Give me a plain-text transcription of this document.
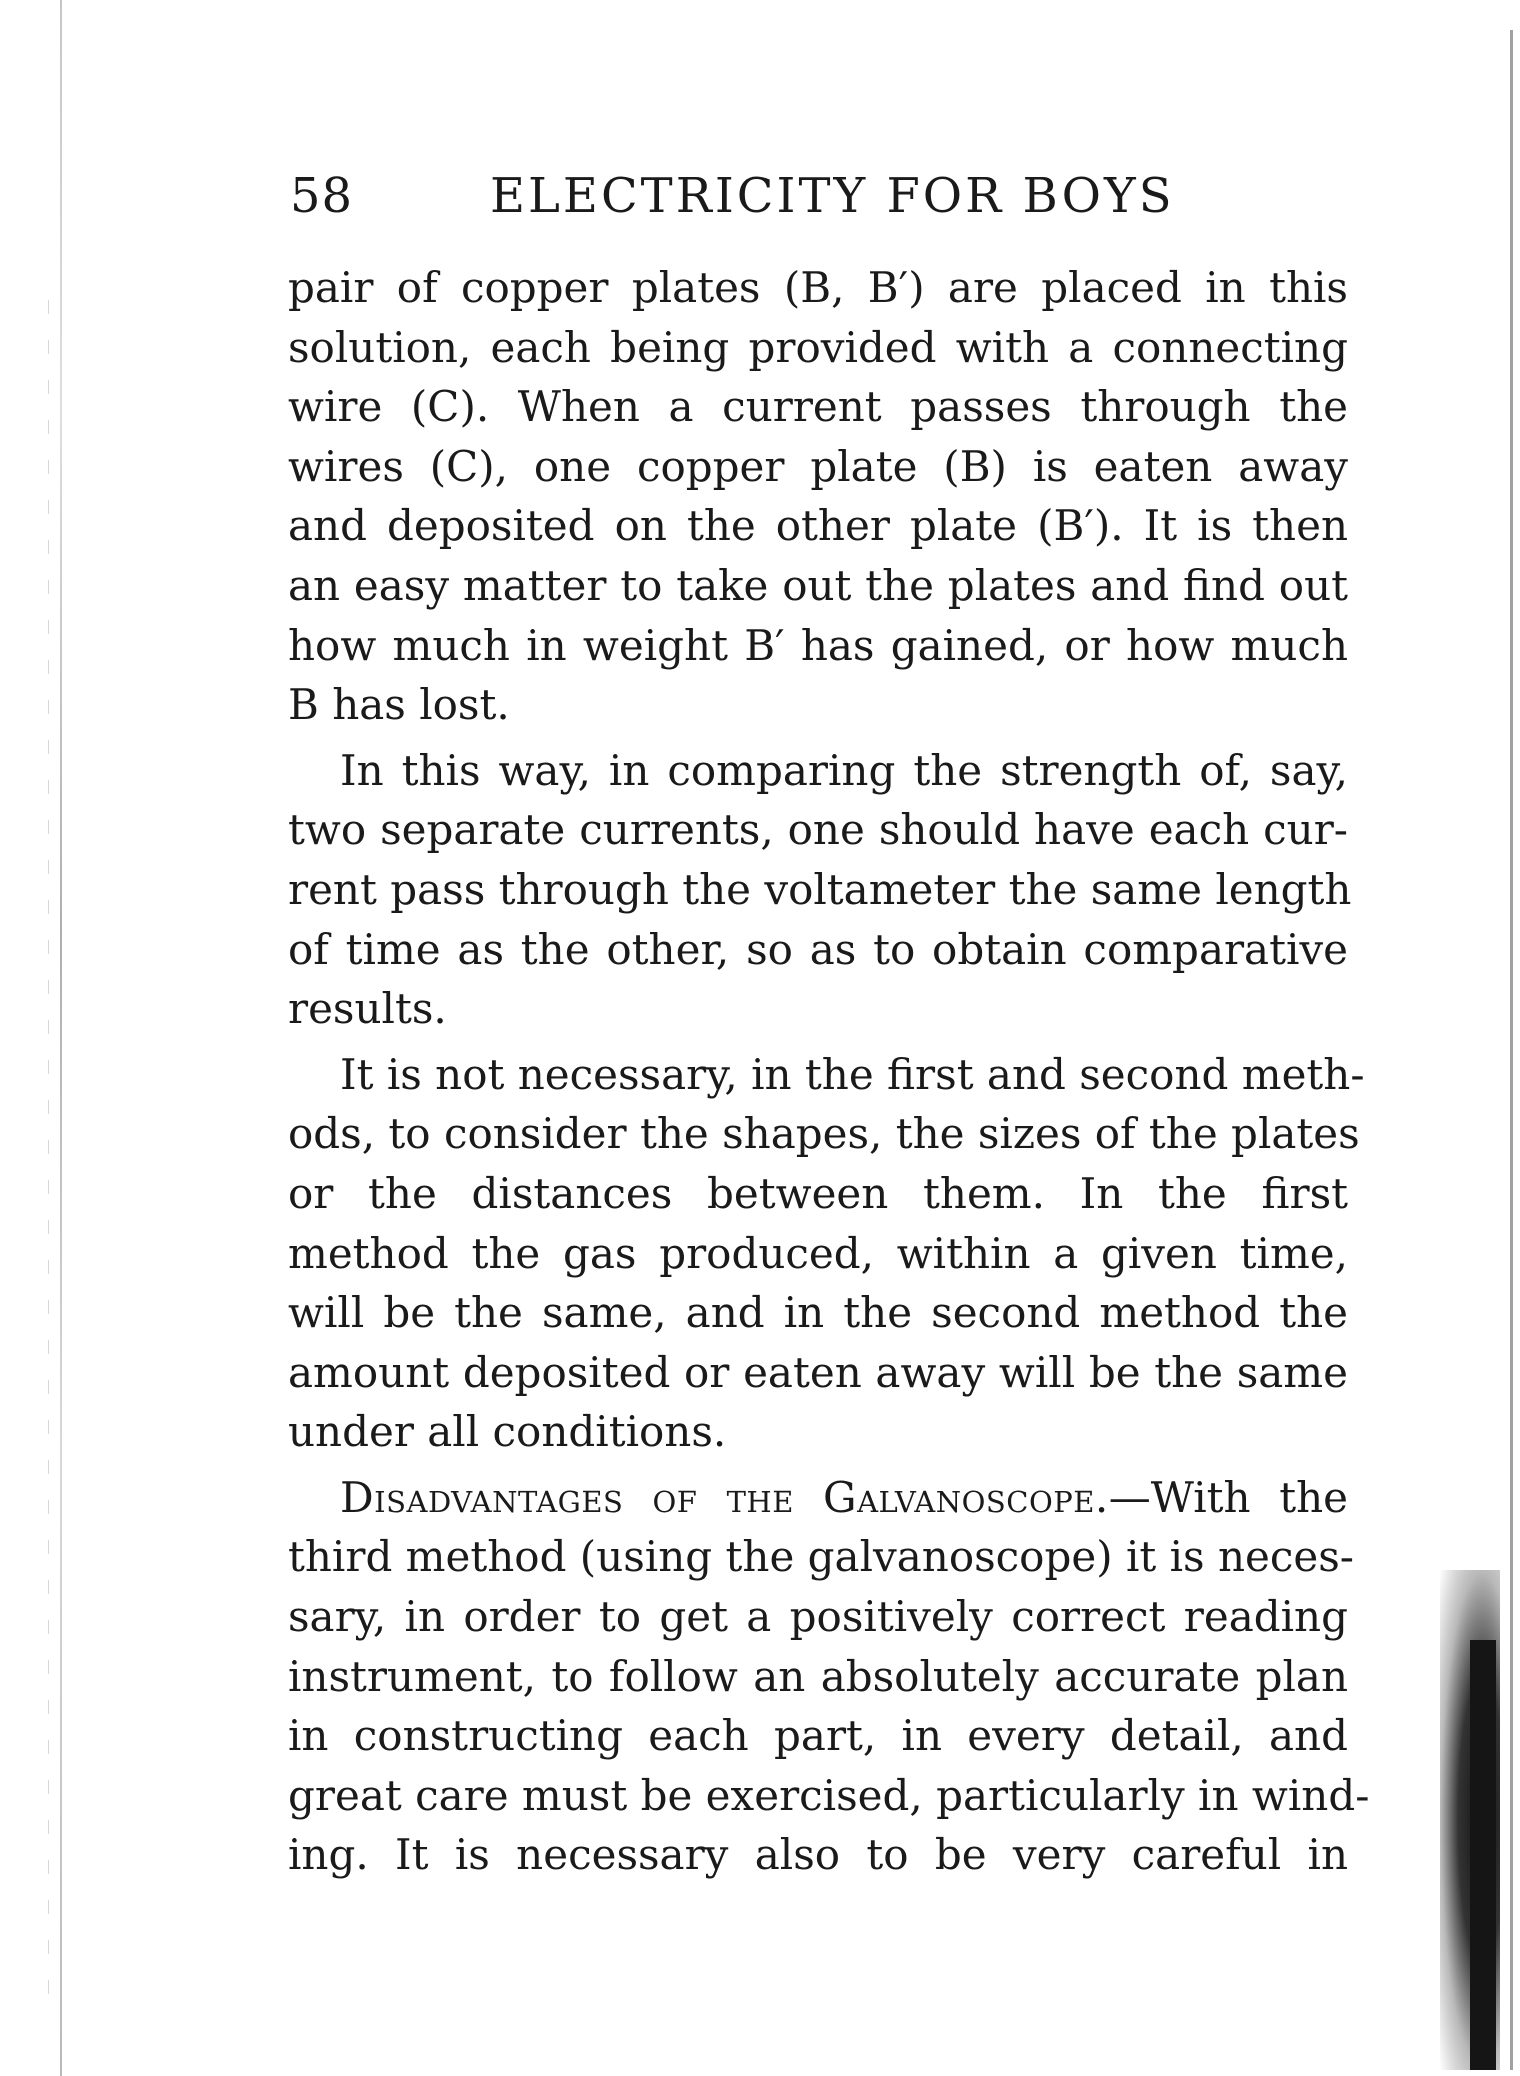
58	ELECTRICITY FOR BOYS
pair of copper plates (B, B′) are placed in this
solution, each being provided with a connecting
wire (C). When a current passes through the
wires (C), one copper plate (B) is eaten away
and deposited on the other plate (B′). It is then
an easy matter to take out the plates and find out
how much in weight B′ has gained, or how much
B has lost.
In this way, in comparing the strength of, say,
two separate currents, one should have each cur-
rent pass through the voltameter the same length
of time as the other, so as to obtain comparative
results.
It is not necessary, in the first and second meth-
ods, to consider the shapes, the sizes of the plates
or the distances between them. In the first
method the gas produced, within a given time,
will be the same, and in the second method the
amount deposited or eaten away will be the same
under all conditions.
Disadvantages of the Galvanoscope.—With the
third method (using the galvanoscope) it is neces-
sary, in order to get a positively correct reading
instrument, to follow an absolutely accurate plan
in constructing each part, in every detail, and
great care must be exercised, particularly in wind-
ing. It is necessary also to be very careful in
